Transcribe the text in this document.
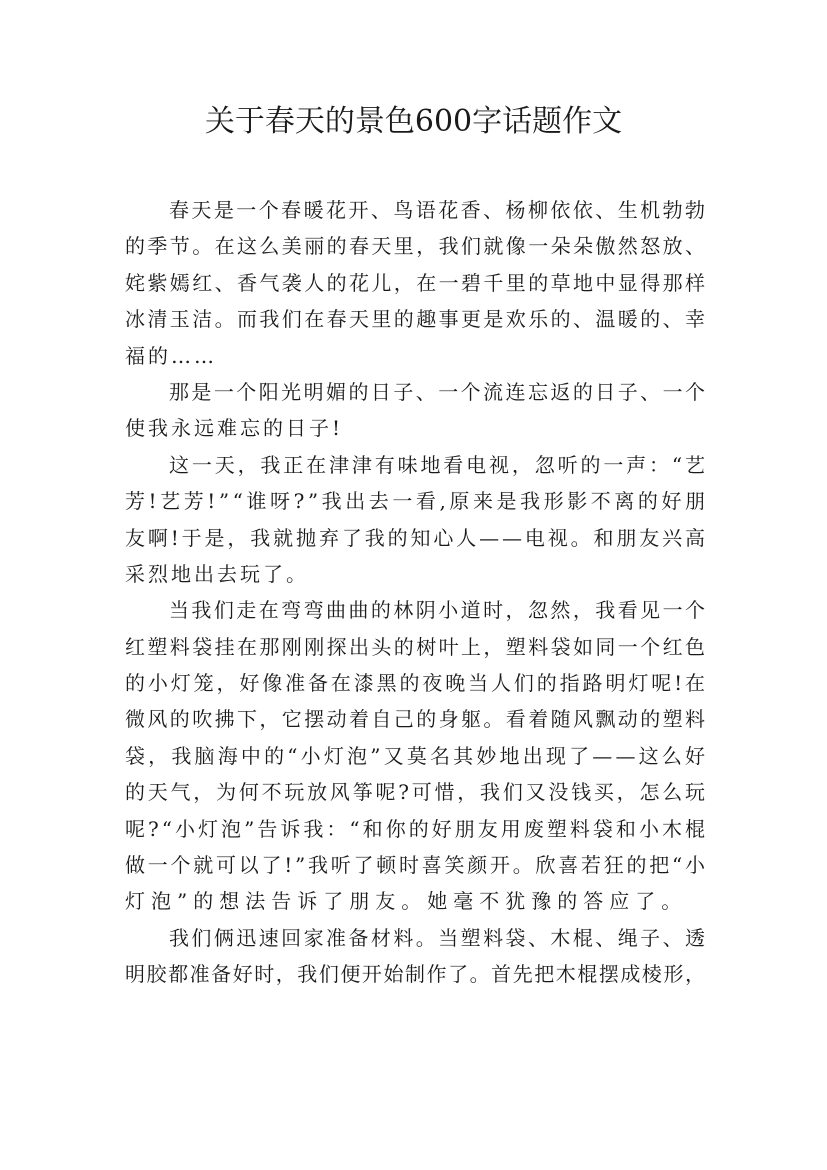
关于春天的景色600字话题作文
春天是一个春暖花开、鸟语花香、杨柳依依、生机勃勃
的季节。在这么美丽的春天里，我们就像一朵朵傲然怒放、
姹紫嫣红、香气袭人的花儿，在一碧千里的草地中显得那样
冰清玉洁。而我们在春天里的趣事更是欢乐的、温暖的、幸
福的……
那是一个阳光明媚的日子、一个流连忘返的日子、一个
使我永远难忘的日子!
这一天，我正在津津有味地看电视，忽听的一声：“艺
芳!艺芳!”“谁呀?”我出去一看,原来是我形影不离的好朋
友啊!于是，我就抛弃了我的知心人——电视。和朋友兴高
采烈地出去玩了。
当我们走在弯弯曲曲的林阴小道时，忽然，我看见一个
红塑料袋挂在那刚刚探出头的树叶上，塑料袋如同一个红色
的小灯笼，好像准备在漆黑的夜晚当人们的指路明灯呢!在
微风的吹拂下，它摆动着自己的身躯。看着随风飘动的塑料
袋，我脑海中的“小灯泡”又莫名其妙地出现了——这么好
的天气，为何不玩放风筝呢?可惜，我们又没钱买，怎么玩
呢?“小灯泡”告诉我：“和你的好朋友用废塑料袋和小木棍
做一个就可以了!”我听了顿时喜笑颜开。欣喜若狂的把“小
灯泡”的想法告诉了朋友。她毫不犹豫的答应了。
我们俩迅速回家准备材料。当塑料袋、木棍、绳子、透
明胶都准备好时，我们便开始制作了。首先把木棍摆成棱形，
